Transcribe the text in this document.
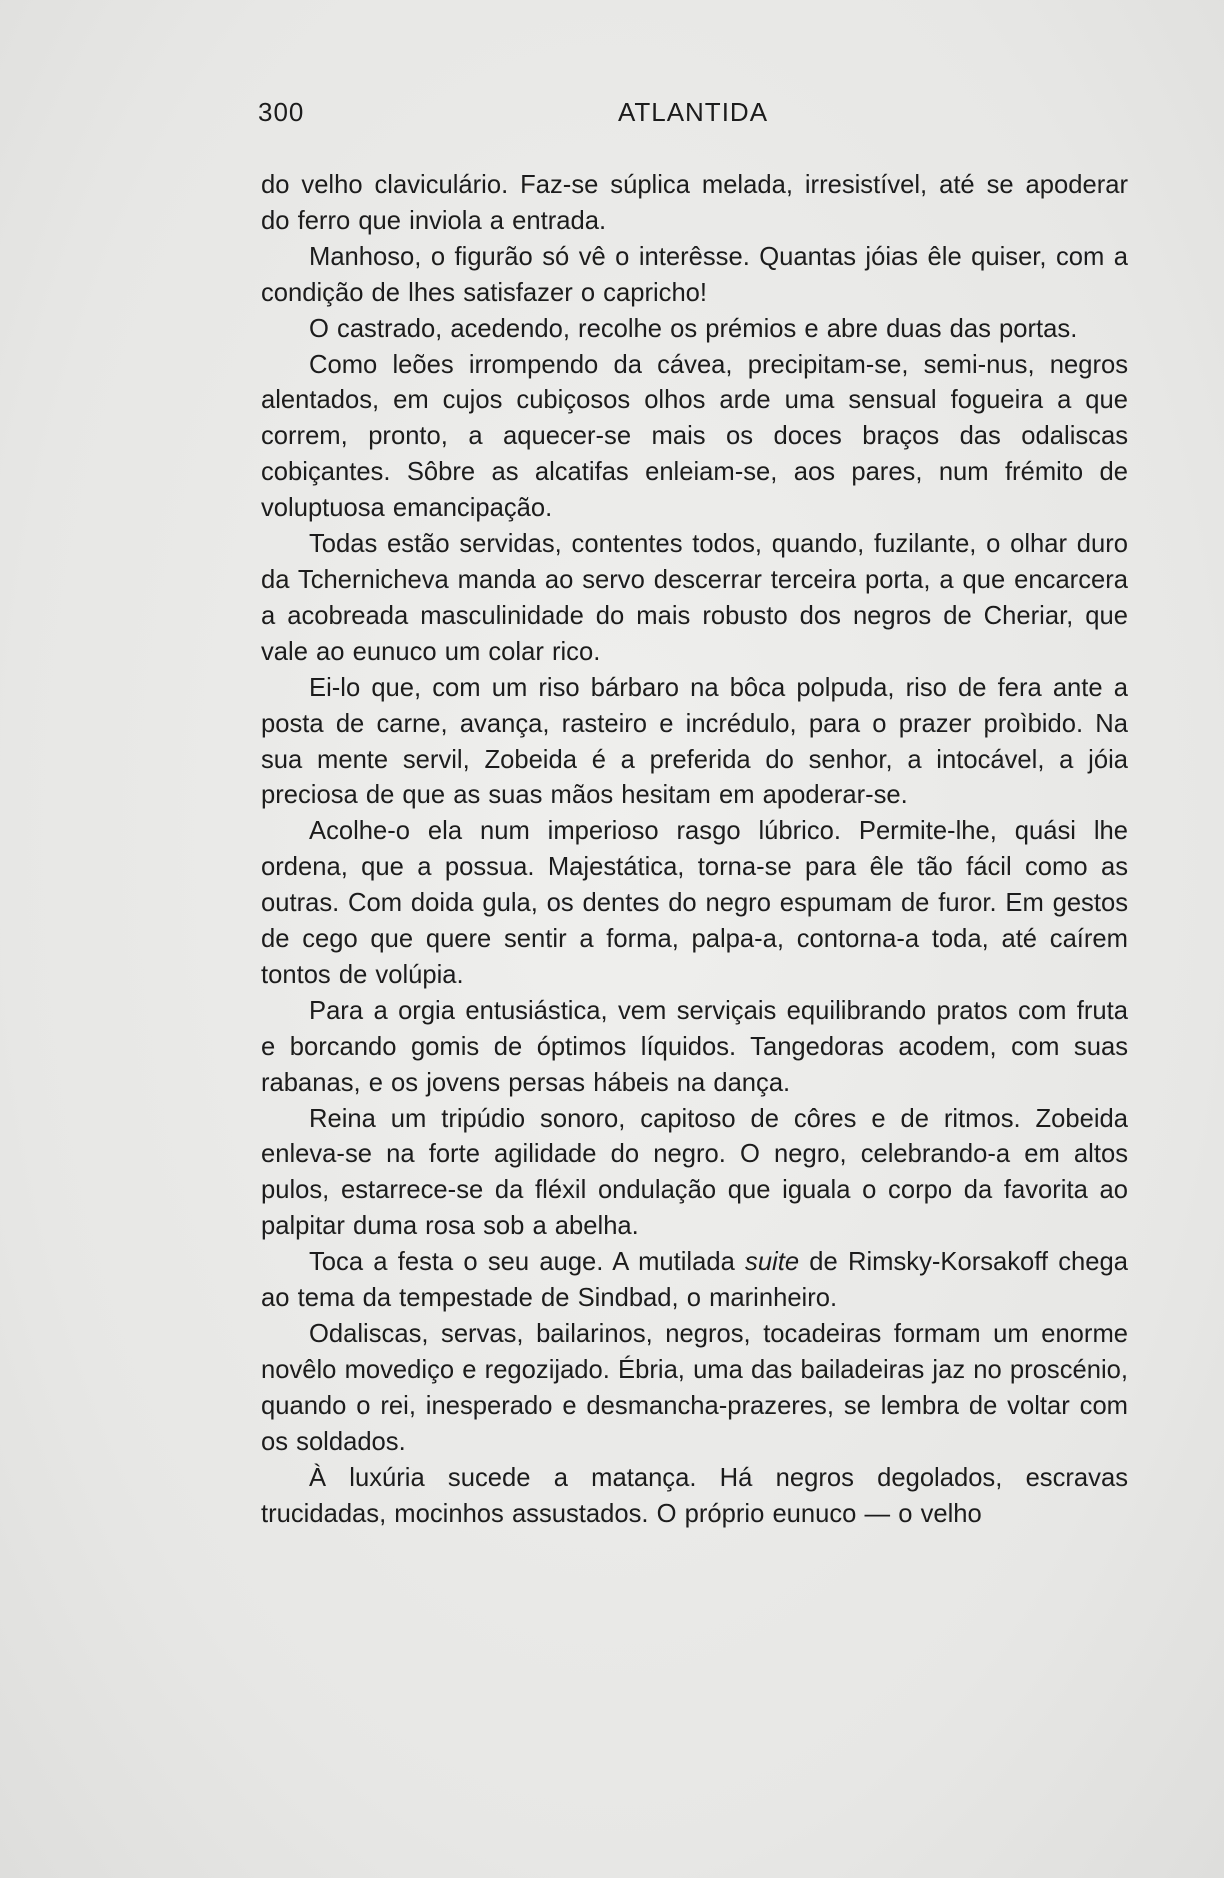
300	ATLANTIDA

do velho claviculário. Faz-se súplica melada, irresistível, até se apoderar do ferro que inviola a entrada.

Manhoso, o figurão só vê o interêsse. Quantas jóias êle quiser, com a condição de lhes satisfazer o capricho!

O castrado, acedendo, recolhe os prémios e abre duas das portas.

Como leões irrompendo da cávea, precipitam-se, semi-nus, negros alentados, em cujos cubiçosos olhos arde uma sensual fogueira a que correm, pronto, a aquecer-se mais os doces braços das odaliscas cobiçantes. Sôbre as alcatifas enleiam-se, aos pares, num frémito de voluptuosa emancipação.

Todas estão servidas, contentes todos, quando, fuzilante, o olhar duro da Tchernicheva manda ao servo descerrar terceira porta, a que encarcera a acobreada masculinidade do mais robusto dos negros de Cheriar, que vale ao eunuco um colar rico.

Ei-lo que, com um riso bárbaro na bôca polpuda, riso de fera ante a posta de carne, avança, rasteiro e incrédulo, para o prazer proìbido. Na sua mente servil, Zobeida é a preferida do senhor, a intocável, a jóia preciosa de que as suas mãos hesitam em apoderar-se.

Acolhe-o ela num imperioso rasgo lúbrico. Permite-lhe, quási lhe ordena, que a possua. Majestática, torna-se para êle tão fácil como as outras. Com doida gula, os dentes do negro espumam de furor. Em gestos de cego que quere sentir a forma, palpa-a, contorna-a toda, até caírem tontos de volúpia.

Para a orgia entusiástica, vem serviçais equilibrando pratos com fruta e borcando gomis de óptimos líquidos. Tangedoras acodem, com suas rabanas, e os jovens persas hábeis na dança.

Reina um tripúdio sonoro, capitoso de côres e de ritmos. Zobeida enleva-se na forte agilidade do negro. O negro, celebrando-a em altos pulos, estarrece-se da fléxil ondulação que iguala o corpo da favorita ao palpitar duma rosa sob a abelha.

Toca a festa o seu auge. A mutilada suite de Rimsky-Korsakoff chega ao tema da tempestade de Sindbad, o marinheiro.

Odaliscas, servas, bailarinos, negros, tocadeiras formam um enorme novêlo movediço e regozijado. Ébria, uma das bailadeiras jaz no proscénio, quando o rei, inesperado e desmancha-prazeres, se lembra de voltar com os soldados.

À luxúria sucede a matança. Há negros degolados, escravas trucidadas, mocinhos assustados. O próprio eunuco — o velho
